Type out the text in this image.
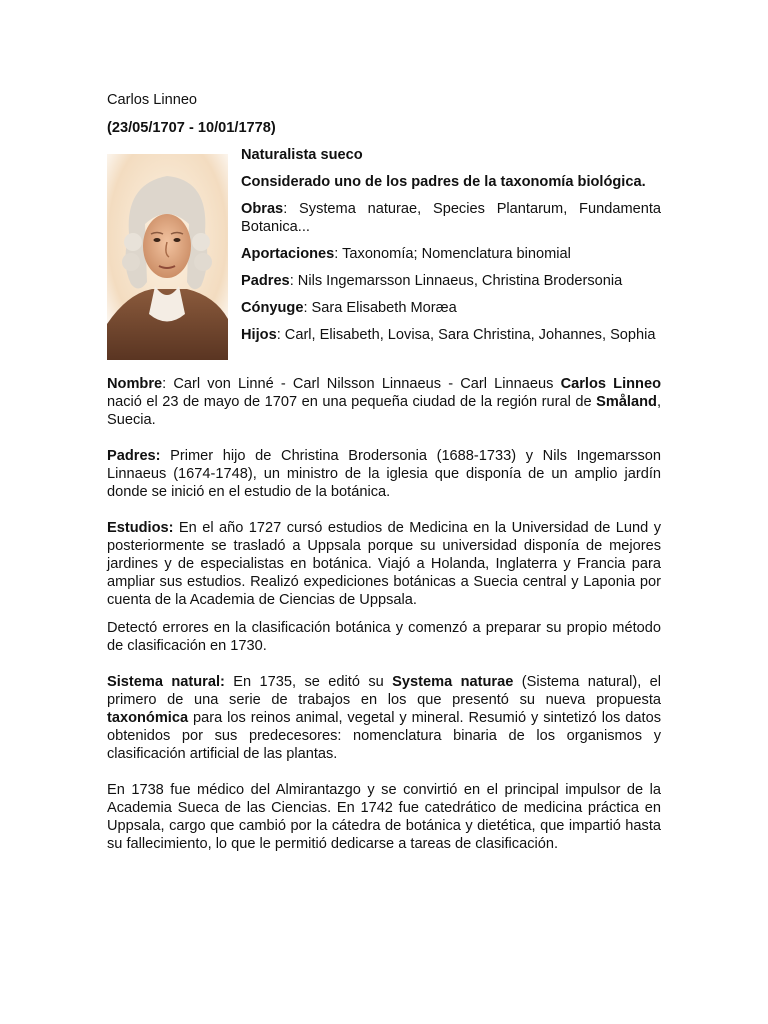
Carlos Linneo

(23/05/1707 - 10/01/1778)

Naturalista sueco

Considerado uno de los padres de la taxonomía biológica.

Obras: Systema naturae, Species Plantarum, Fundamenta Botanica...

Aportaciones: Taxonomía; Nomenclatura binomial

Padres: Nils Ingemarsson Linnaeus, Christina Brodersonia

Cónyuge: Sara Elisabeth Moræa

Hijos: Carl, Elisabeth, Lovisa, Sara Christina, Johannes, Sophia

Nombre: Carl von Linné - Carl Nilsson Linnaeus - Carl Linnaeus Carlos Linneo nació el 23 de mayo de 1707 en una pequeña ciudad de la región rural de Småland, Suecia.

Padres: Primer hijo de Christina Brodersonia (1688-1733) y Nils Ingemarsson Linnaeus (1674-1748), un ministro de la iglesia que disponía de un amplio jardín donde se inició en el estudio de la botánica.

Estudios: En el año 1727 cursó estudios de Medicina en la Universidad de Lund y posteriormente se trasladó a Uppsala porque su universidad disponía de mejores jardines y de especialistas en botánica. Viajó a Holanda, Inglaterra y Francia para ampliar sus estudios. Realizó expediciones botánicas a Suecia central y Laponia por cuenta de la Academia de Ciencias de Uppsala.

Detectó errores en la clasificación botánica y comenzó a preparar su propio método de clasificación en 1730.

Sistema natural: En 1735, se editó su Systema naturae (Sistema natural), el primero de una serie de trabajos en los que presentó su nueva propuesta taxonómica para los reinos animal, vegetal y mineral. Resumió y sintetizó los datos obtenidos por sus predecesores: nomenclatura binaria de los organismos y clasificación artificial de las plantas.

En 1738 fue médico del Almirantazgo y se convirtió en el principal impulsor de la Academia Sueca de las Ciencias. En 1742 fue catedrático de medicina práctica en Uppsala, cargo que cambió por la cátedra de botánica y dietética, que impartió hasta su fallecimiento, lo que le permitió dedicarse a tareas de clasificación.
